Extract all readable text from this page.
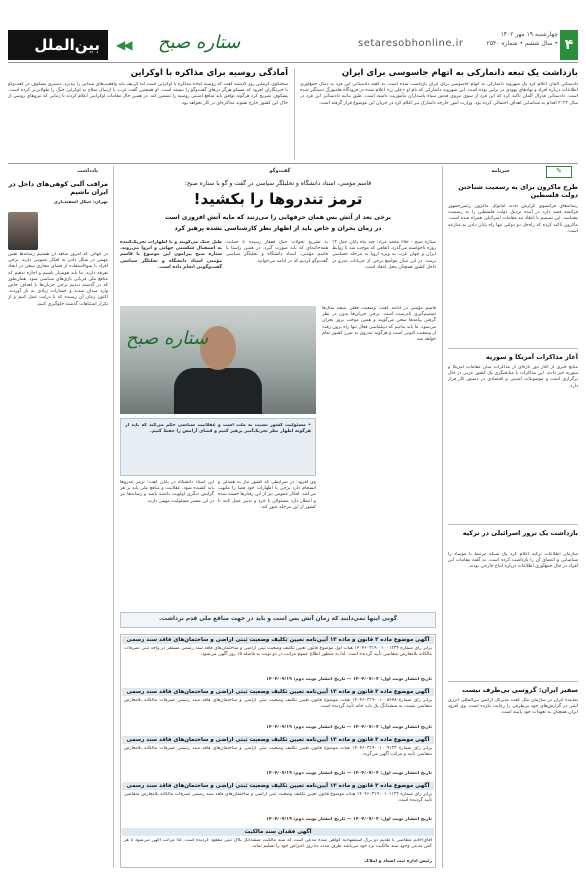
بین‌الملل	◀◀ ستاره صبح	setaresobhonline.ir
چهارشنبه ۱۹ مهر ۱۴۰۲
• سال ششم • شماره ۲۵۴۰ ۴
بازداشت یک تبعه دانمارکی به اتهام جاسوسی برای ایران
دادستانی آلمان اعلام کرد یک شهروند دانمارکی به اتهام جاسوسی برای ایران بازداشت شده است. به گفته دادستانی این فرد به دنبال جمع‌آوری اطلاعات درباره افراد و نهادهای یهودی در برلین بوده است. این شهروند دانمارکی که نام او «علی ن» اعلام شده در فرودگاه هامبورگ دستگیر شده است. دادستانی فدرال آلمان تاکید کرد که این فرد از سوی نیروی قدس سپاه پاسداران مأموریت داشته است. طبق بیانیه دادستانی این فرد در سال ۲۰۲۲ اقدام به شناسایی اهداف احتمالی کرده بود. وزارت امور خارجه دانمارک نیز اعلام کرد در جریان این موضوع قرار گرفته است.
آمادگی روسیه برای مذاکره با اوکراین
سخنگوی کرملین روز گذشته گفت که روسیه آماده مذاکره با اوکراین است اما کی‌یف باید واقعیت‌های میدانی را بپذیرد. دمیتری پسکوف در گفت‌وگو با خبرنگاران افزود که مسکو هرگز درهای گفت‌وگو را نبسته است. او همچنین گفت غرب با ارسال سلاح به اوکراین جنگ را طولانی‌تر کرده است. پسکوف تصریح کرد هرگونه توافق باید منافع امنیتی روسیه را تضمین کند. در همین حال مقامات اوکراینی اعلام کردند تا زمانی که نیروهای روسی از خاک این کشور خارج نشوند مذاکره‌ای در کار نخواهد بود.
خبرنامه	✎
طرح ماکرون برای به رسمیت شناختن دولت فلسطین
رسانه‌های فرانسوی گزارش دادند امانوئل ماکرون رئیس‌جمهور فرانسه قصد دارد در آینده نزدیک دولت فلسطین را به رسمیت بشناسد. این تصمیم با انتقاد تند مقامات اسرائیلی همراه شده است. ماکرون تاکید کرده که راه‌حل دو دولتی تنها راه پایان دادن به منازعه است.
آغاز مذاکرات آمریکا و سوریه
منابع خبری از آغاز دور تازه‌ای از مذاکرات میان مقامات آمریکا و سوریه خبر دادند. این مذاکرات با میانجیگری یک کشور عربی در حال برگزاری است و موضوعات امنیتی و اقتصادی در دستور کار قرار دارد.
بازداشت یک ترور اسرائیلی در ترکیه
سازمان اطلاعات ترکیه اعلام کرد یک شبکه مرتبط با موساد را شناسایی و اعضای آن را بازداشت کرده است. به گفته مقامات این افراد در حال جمع‌آوری اطلاعات درباره اتباع خارجی بودند.
سفیر ایران: گروسی بی‌طرف نیست
نماینده ایران در سازمان ملل گفت مدیرکل آژانس بین‌المللی انرژی اتمی در گزارش‌های خود بی‌طرفی را رعایت نکرده است. وی افزود ایران همچنان به تعهدات خود پایبند است.
یادداشت
مراقب آلبی کوهی‌های داخل در ایران باشیم
تهران: حیکل اسفندیاری
در جهانی که امروز شاهد آن هستیم رسانه‌ها نقش مهمی در شکل دادن به افکار عمومی دارند. برخی افراد با سوءاستفاده از فضای مجازی سعی در ایجاد تفرقه دارند. ما باید هوشیار باشیم و اجازه ندهیم که منافع ملی قربانی بازی‌های سیاسی شود. همان‌طور که در گذشته دیدیم برخی جریان‌ها با اهداف خاص وارد میدان شدند و خسارات زیادی به بار آوردند. اکنون زمان آن رسیده که با درایت عمل کنیم و از تکرار اشتباهات گذشته جلوگیری کنیم.
گفت‌وگو
قاسم مؤمنی، استاد دانشگاه و تحلیلگر سیاسی در گفت و گو با ستاره صبح:
ترمز تندروها را بکشید!
برخی بعد از آتش بس همان حرفهایی را می‌زنند که مایه آتش افروزی است
در زمان بحران و خاص باید از اظهار نظر کارشناسی نشده پرهیز کرد
ستاره صبح - خلاء محمد مراد: چند ماه پایان جنگ ۱۲ روزه ناخواسته می‌گذرد. اتفاقی که موجب شد تا روابط ایران و جهان غرب به ویژه اروپا به مرحله حساسی برسد. در این میان مواضع برخی از جریانات تندرو در داخل کشور همچنان محل انتقاد است.
به تشریح تحولات جنگ قفقاز رسیده تا حمایت همه‌جانبه‌ای که باید صورت گیرد. در همین راستا با قاسم مؤمنی، استاد دانشگاه و تحلیلگر سیاسی گفت‌وگو کردیم که در ادامه می‌خوانید.
طبل جنگ می‌کوبند و با اظهارات تحریک‌کننده به استقبال شکستی جهانی و انزوا می‌روند. ستاره صبح پیرامون این موضوع با قاسم مؤمنی استاد دانشگاه و تحلیلگر سیاسی گفت‌وگویی انجام داده است.
ستاره صبح
قاسم مؤمنی در ادامه گفت: وضعیت فعلی نتیجه سال‌ها تصمیم‌گیری نادرست است. برخی جریان‌ها بدون در نظر گرفتن پیامدها سخن می‌گویند و همین موجب بروز بحران می‌شود. ما باید بدانیم که دیپلماسی فعال تنها راه برون رفت از وضعیت کنونی است و هرگونه تندروی به ضرر کشور تمام خواهد شد.
• مسئولیت کشور نسبت به ملت است و عقلانیت سیاسی حکم می‌کند که باید از هرگونه اظهار نظر تحریک‌آمیز پرهیز کنیم و فضای آرامش را حفظ کنیم.
وی افزود: در شرایطی که کشور نیاز به همدلی و انسجام دارد برخی با اظهارات خود فضا را ملتهب می‌کنند. افکار عمومی نیز از این رفتارها خسته شده و انتظار دارد مسئولان با خرد و تدبیر عمل کنند تا کشور از این مرحله عبور کند.
این استاد دانشگاه در پایان گفت: ترمز تندروها باید کشیده شود. عقلانیت و منافع ملی باید بر هر گرایش دیگری اولویت داشته باشد و رسانه‌ها نیز در این مسیر مسئولیت مهمی دارند.
گویی اینها نمی‌دانند که زمان آتش بس است و باید در جهت منافع ملی قدم برداشت.
آگهی موضوع ماده ۳ قانون و ماده ۱۳ آیین‌نامه تعیین تکلیف وضعیت ثبتی اراضی و ساختمان‌های فاقد سند رسمی
برابر رأی شماره ۱۴۰۴۶۰۳۱۹۰۰۱۰۰۱۲۳۴ هیأت اول موضوع قانون تعیین تکلیف وضعیت ثبتی اراضی و ساختمان‌های فاقد سند رسمی مستقر در واحد ثبتی تصرفات مالکانه بلامعارض متقاضی تأیید گردیده است. لذا به منظور اطلاع عموم مراتب در دو نوبت به فاصله ۱۵ روز آگهی می‌شود.
تاریخ انتشار نوبت اول: ۱۴۰۴/۰۷/۰۴ — تاریخ انتشار نوبت دوم: ۱۴۰۴/۰۷/۱۹
آگهی موضوع ماده ۳ قانون و ماده ۱۳ آیین‌نامه تعیین تکلیف وضعیت ثبتی اراضی و ساختمان‌های فاقد سند رسمی
برابر رأی شماره ۱۴۰۴۶۰۳۱۹۰۰۱۰۰۵۶۷۸ هیأت موضوع قانون تعیین تکلیف وضعیت ثبتی اراضی و ساختمان‌های فاقد سند رسمی تصرفات مالکانه بلامعارض متقاضی نسبت به ششدانگ یک باب خانه تأیید گردیده است.
تاریخ انتشار نوبت اول: ۱۴۰۴/۰۷/۰۴ — تاریخ انتشار نوبت دوم: ۱۴۰۴/۰۷/۱۹
آگهی موضوع ماده ۳ قانون و ماده ۱۳ آیین‌نامه تعیین تکلیف وضعیت ثبتی اراضی و ساختمان‌های فاقد سند رسمی
برابر رأی شماره ۱۴۰۴۶۰۳۱۹۰۰۱۰۰۹۱۲۳ هیأت موضوع قانون تعیین تکلیف وضعیت ثبتی اراضی و ساختمان‌های فاقد سند رسمی تصرفات مالکانه بلامعارض متقاضی تأیید و مراتب آگهی می‌گردد.
تاریخ انتشار نوبت اول: ۱۴۰۴/۰۷/۰۴ — تاریخ انتشار نوبت دوم: ۱۴۰۴/۰۷/۱۹
آگهی موضوع ماده ۳ قانون و ماده ۱۳ آیین‌نامه تعیین تکلیف وضعیت ثبتی اراضی و ساختمان‌های فاقد سند رسمی
برابر رأی شماره ۱۴۰۴۶۰۳۱۹۰۰۱۰۱۱۲۲ هیأت موضوع قانون تعیین تکلیف وضعیت ثبتی اراضی و ساختمان‌های فاقد سند رسمی تصرفات مالکانه بلامعارض متقاضی تأیید گردیده است.
تاریخ انتشار نوبت اول: ۱۴۰۴/۰۷/۰۴ — تاریخ انتشار نوبت دوم: ۱۴۰۴/۰۷/۱۹
آگهی فقدان سند مالکیت
آقای/خانم متقاضی با تقدیم دو برگ استشهادیه گواهی شده مدعی است که سند مالکیت ششدانگ پلاک ثبتی مفقود گردیده است. لذا مراتب آگهی می‌شود تا هر کس مدعی وجود سند مالکیت نزد خود می‌باشد ظرف مدت ده روز اعتراض خود را تسلیم نماید.
رئیس اداره ثبت اسناد و املاک
